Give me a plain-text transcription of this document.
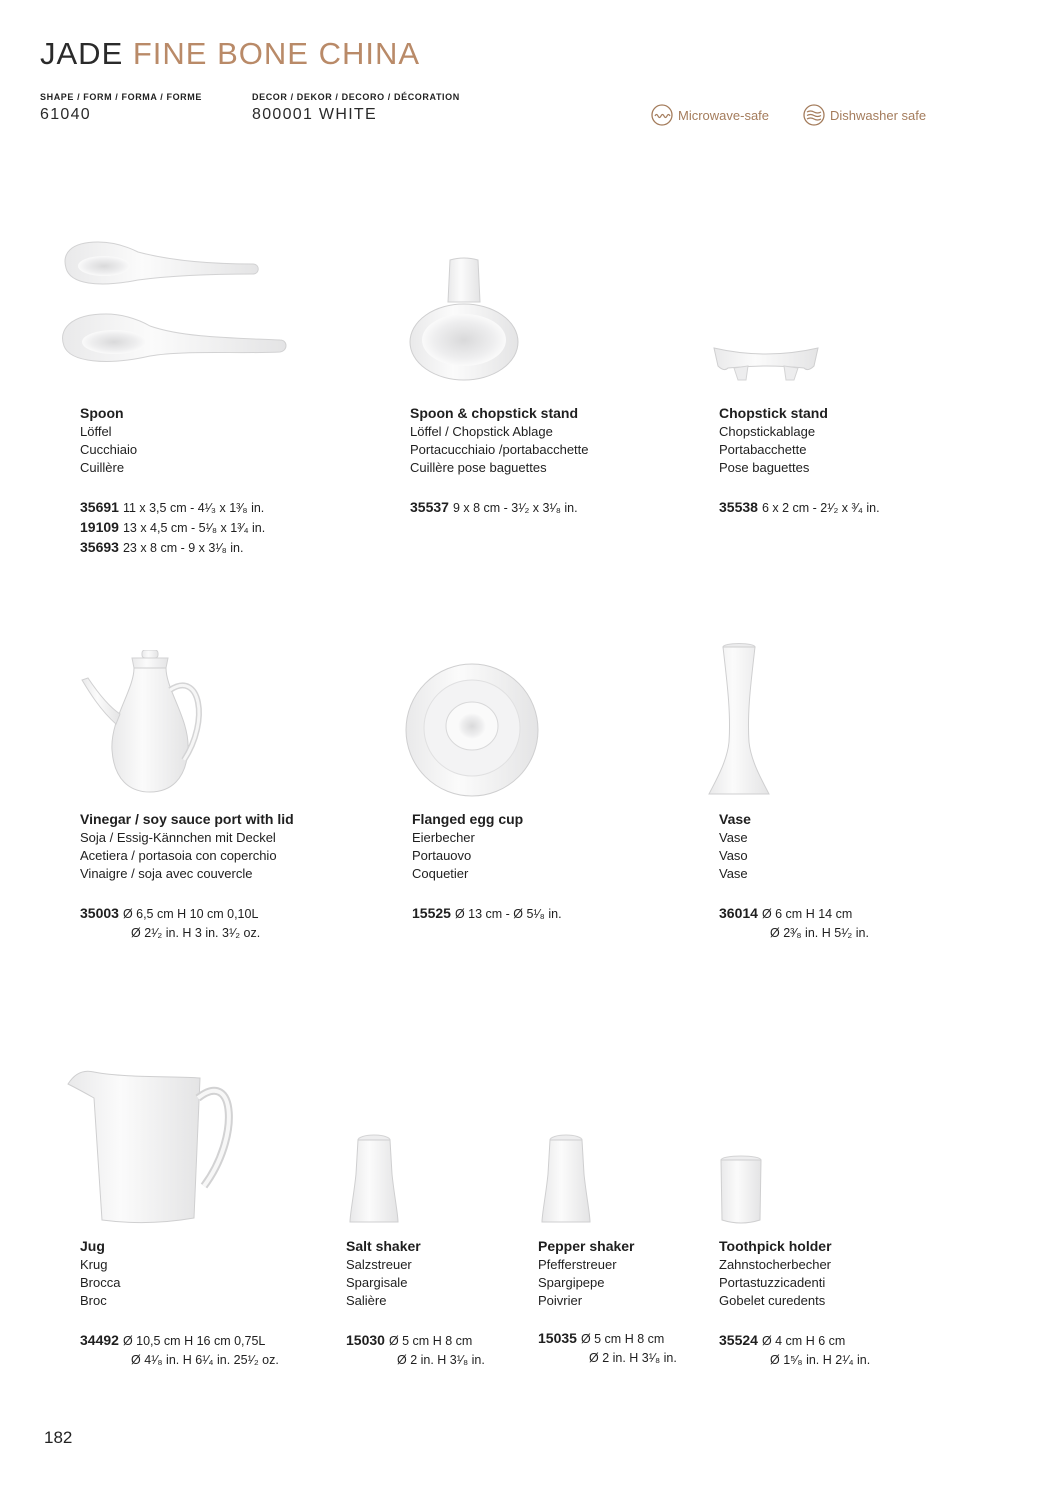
JADE FINE BONE CHINA
SHAPE / FORM / FORMA / FORME
61040
DECOR / DEKOR / DECORO / DÉCORATION
800001 WHITE	Microwave-safe	Dishwasher safe
Spoon
Löffel
Cucchiaio
Cuillère
35691 11 x 3,5 cm - 4¹⁄₃ x 1³⁄₈ in.
19109 13 x 4,5 cm - 5¹⁄₈ x 1³⁄₄ in.
35693 23 x 8 cm - 9 x 3¹⁄₈ in.
Spoon & chopstick stand
Löffel / Chopstick Ablage
Portacucchiaio /portabacchette
Cuillère pose baguettes
35537 9 x 8 cm - 3¹⁄₂ x 3¹⁄₈ in.
Chopstick stand
Chopstickablage
Portabacchette
Pose baguettes
35538 6 x 2 cm - 2¹⁄₂ x ³⁄₄ in.
Vinegar / soy sauce port with lid
Soja / Essig-Kännchen mit Deckel
Acetiera / portasoia con coperchio
Vinaigre / soja avec couvercle
35003 Ø 6,5 cm H 10 cm 0,10L
Ø 2¹⁄₂ in. H 3 in. 3¹⁄₂ oz.
Flanged egg cup
Eierbecher
Portauovo
Coquetier
15525 Ø 13 cm - Ø 5¹⁄₈ in.
Vase
Vase
Vaso
Vase
36014 Ø 6 cm H 14 cm
Ø 2³⁄₈ in. H 5¹⁄₂ in.
Jug
Krug
Brocca
Broc
34492 Ø 10,5 cm H 16 cm 0,75L
Ø 4¹⁄₈ in. H 6¹⁄₄ in. 25¹⁄₂ oz.
Salt shaker
Salzstreuer
Spargisale
Salière
15030 Ø 5 cm H 8 cm
Ø 2 in. H 3¹⁄₈ in.
Pepper shaker
Pfefferstreuer
Spargipepe
Poivrier
15035 Ø 5 cm H 8 cm
Ø 2 in. H 3¹⁄₈ in.
Toothpick holder
Zahnstocherbecher
Portastuzzicadenti
Gobelet curedents
35524 Ø 4 cm H 6 cm
Ø 1⁵⁄₈ in. H 2¹⁄₄ in.
182
